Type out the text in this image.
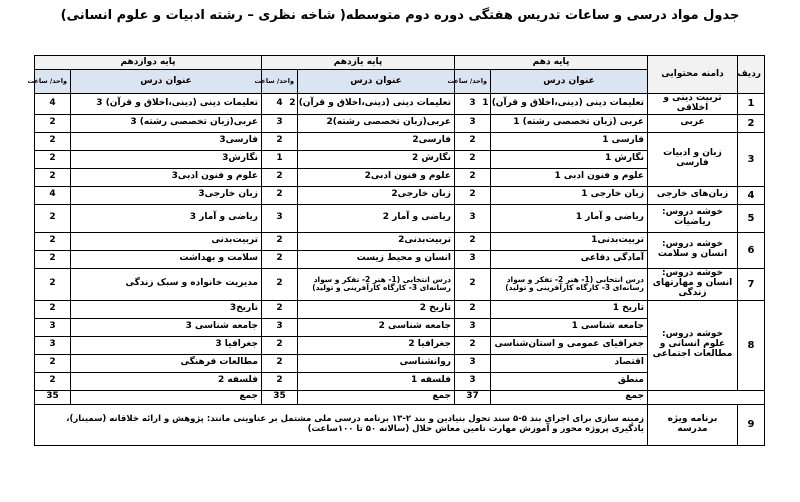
جدول مواد درسی و ساعات تدریس هفتگی دوره دوم متوسطه( شاخه نظری – رشته ادبیات و علوم انسانی)
ردیف	دامنه محتوایی	پایه دهم		پایه یازدهم		پایه دوازدهم	
		عنوان درس	واحد/ ساعت	عنوان درس	واحد/ ساعت	عنوان درس	واحد/ ساعت
1	تربیت دینی و اخلاقی	تعلیمات دینی (دینی،اخلاق و قرآن) 1	3	تعلیمات دینی (دینی،اخلاق و قرآن) 2	4	تعلیمات دینی (دینی،اخلاق و قرآن) 3	4
2	عربی	عربی (زبان تخصصی رشته) 1	3	عربی(زبان تخصصی رشته)2	3	عربی(زبان تخصصی رشته) 3	2
3	زبان و ادبیات فارسی	فارسی 1	2	فارسی2	2	فارسی3	2
		نگارش 1	2	نگارش 2	1	نگارش3	2
		علوم و فنون ادبی 1	2	علوم و فنون ادبی2	2	علوم و فنون ادبی3	2
4	زبان‌های خارجی	زبان خارجی 1	2	زبان خارجی2	2	زبان خارجی3	4
5	خوشه دروس: ریاضیات	ریاضی و آمار 1	3	ریاضی و آمار 2	3	ریاضی و آمار 3	2
6	خوشه دروس: انسان و سلامت	تربیت‌بدنی1	2	تربیت‌بدنی2	2	تربیت‌بدنی	2
		آمادگی دفاعی	3	انسان و محیط زیست	2	سلامت و بهداشت	2
7	خوشه دروس: انسان و مهارتهای زندگی	درس انتخابی (1- هنر 2- تفکر و سواد رسانه‌ای 3- کارگاه کارآفرینی و تولید)	2	درس انتخابی (1- هنر 2- تفکر و سواد رسانه‌ای 3- کارگاه کارآفرینی و تولید)	2	مدیریت خانواده و سبک زندگی	2
8	خوشه دروس: علوم انسانی و مطالعات اجتماعی	تاریخ 1	2	تاریخ 2	2	تاریخ3	2
		جامعه شناسی 1	3	جامعه شناسی 2	3	جامعه شناسی 3	3
		جغرافیای عمومی و استان‌شناسی	2	جغرافیا 2	2	جغرافیا 3	3
		اقتصاد	3	روانشناسی	2	مطالعات فرهنگی	2
		منطق	3	فلسفه 1	2	فلسفه 2	2
		جمع	37	جمع	35	جمع	35
9	برنامه ویژه مدرسه	زمینه سازی برای اجرای بند ۵-۵ سند تحول بنیادین و بند ۲-۱۳ برنامه درسی ملی مشتمل بر عناوینی مانند: پژوهش و ارائه خلاقانه (سمینار)، یادگیری پروژه محور و آموزش مهارت تامین معاش حلال (سالانه ۵۰ تا ۱۰۰ساعت)					
